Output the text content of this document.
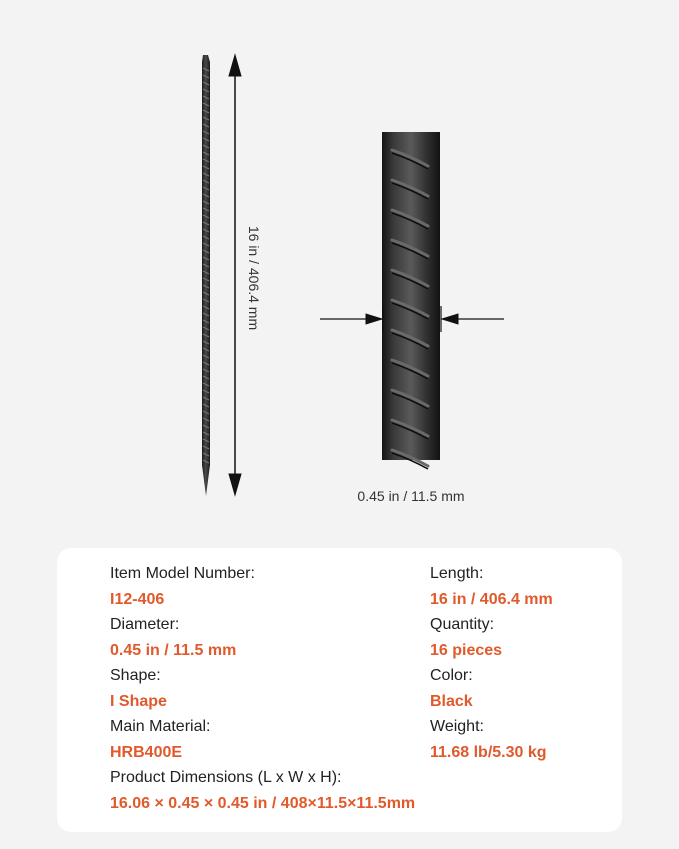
16 in / 406.4 mm
0.45 in / 11.5 mm
Item Model Number:
I12-406
Length:
16 in / 406.4 mm
Diameter:
0.45 in / 11.5 mm
Quantity:
16 pieces
Shape:
I Shape
Color:
Black
Main Material:
HRB400E
Weight:
11.68 lb/5.30 kg
Product Dimensions (L x W x H):
16.06 × 0.45 × 0.45 in / 408×11.5×11.5mm
